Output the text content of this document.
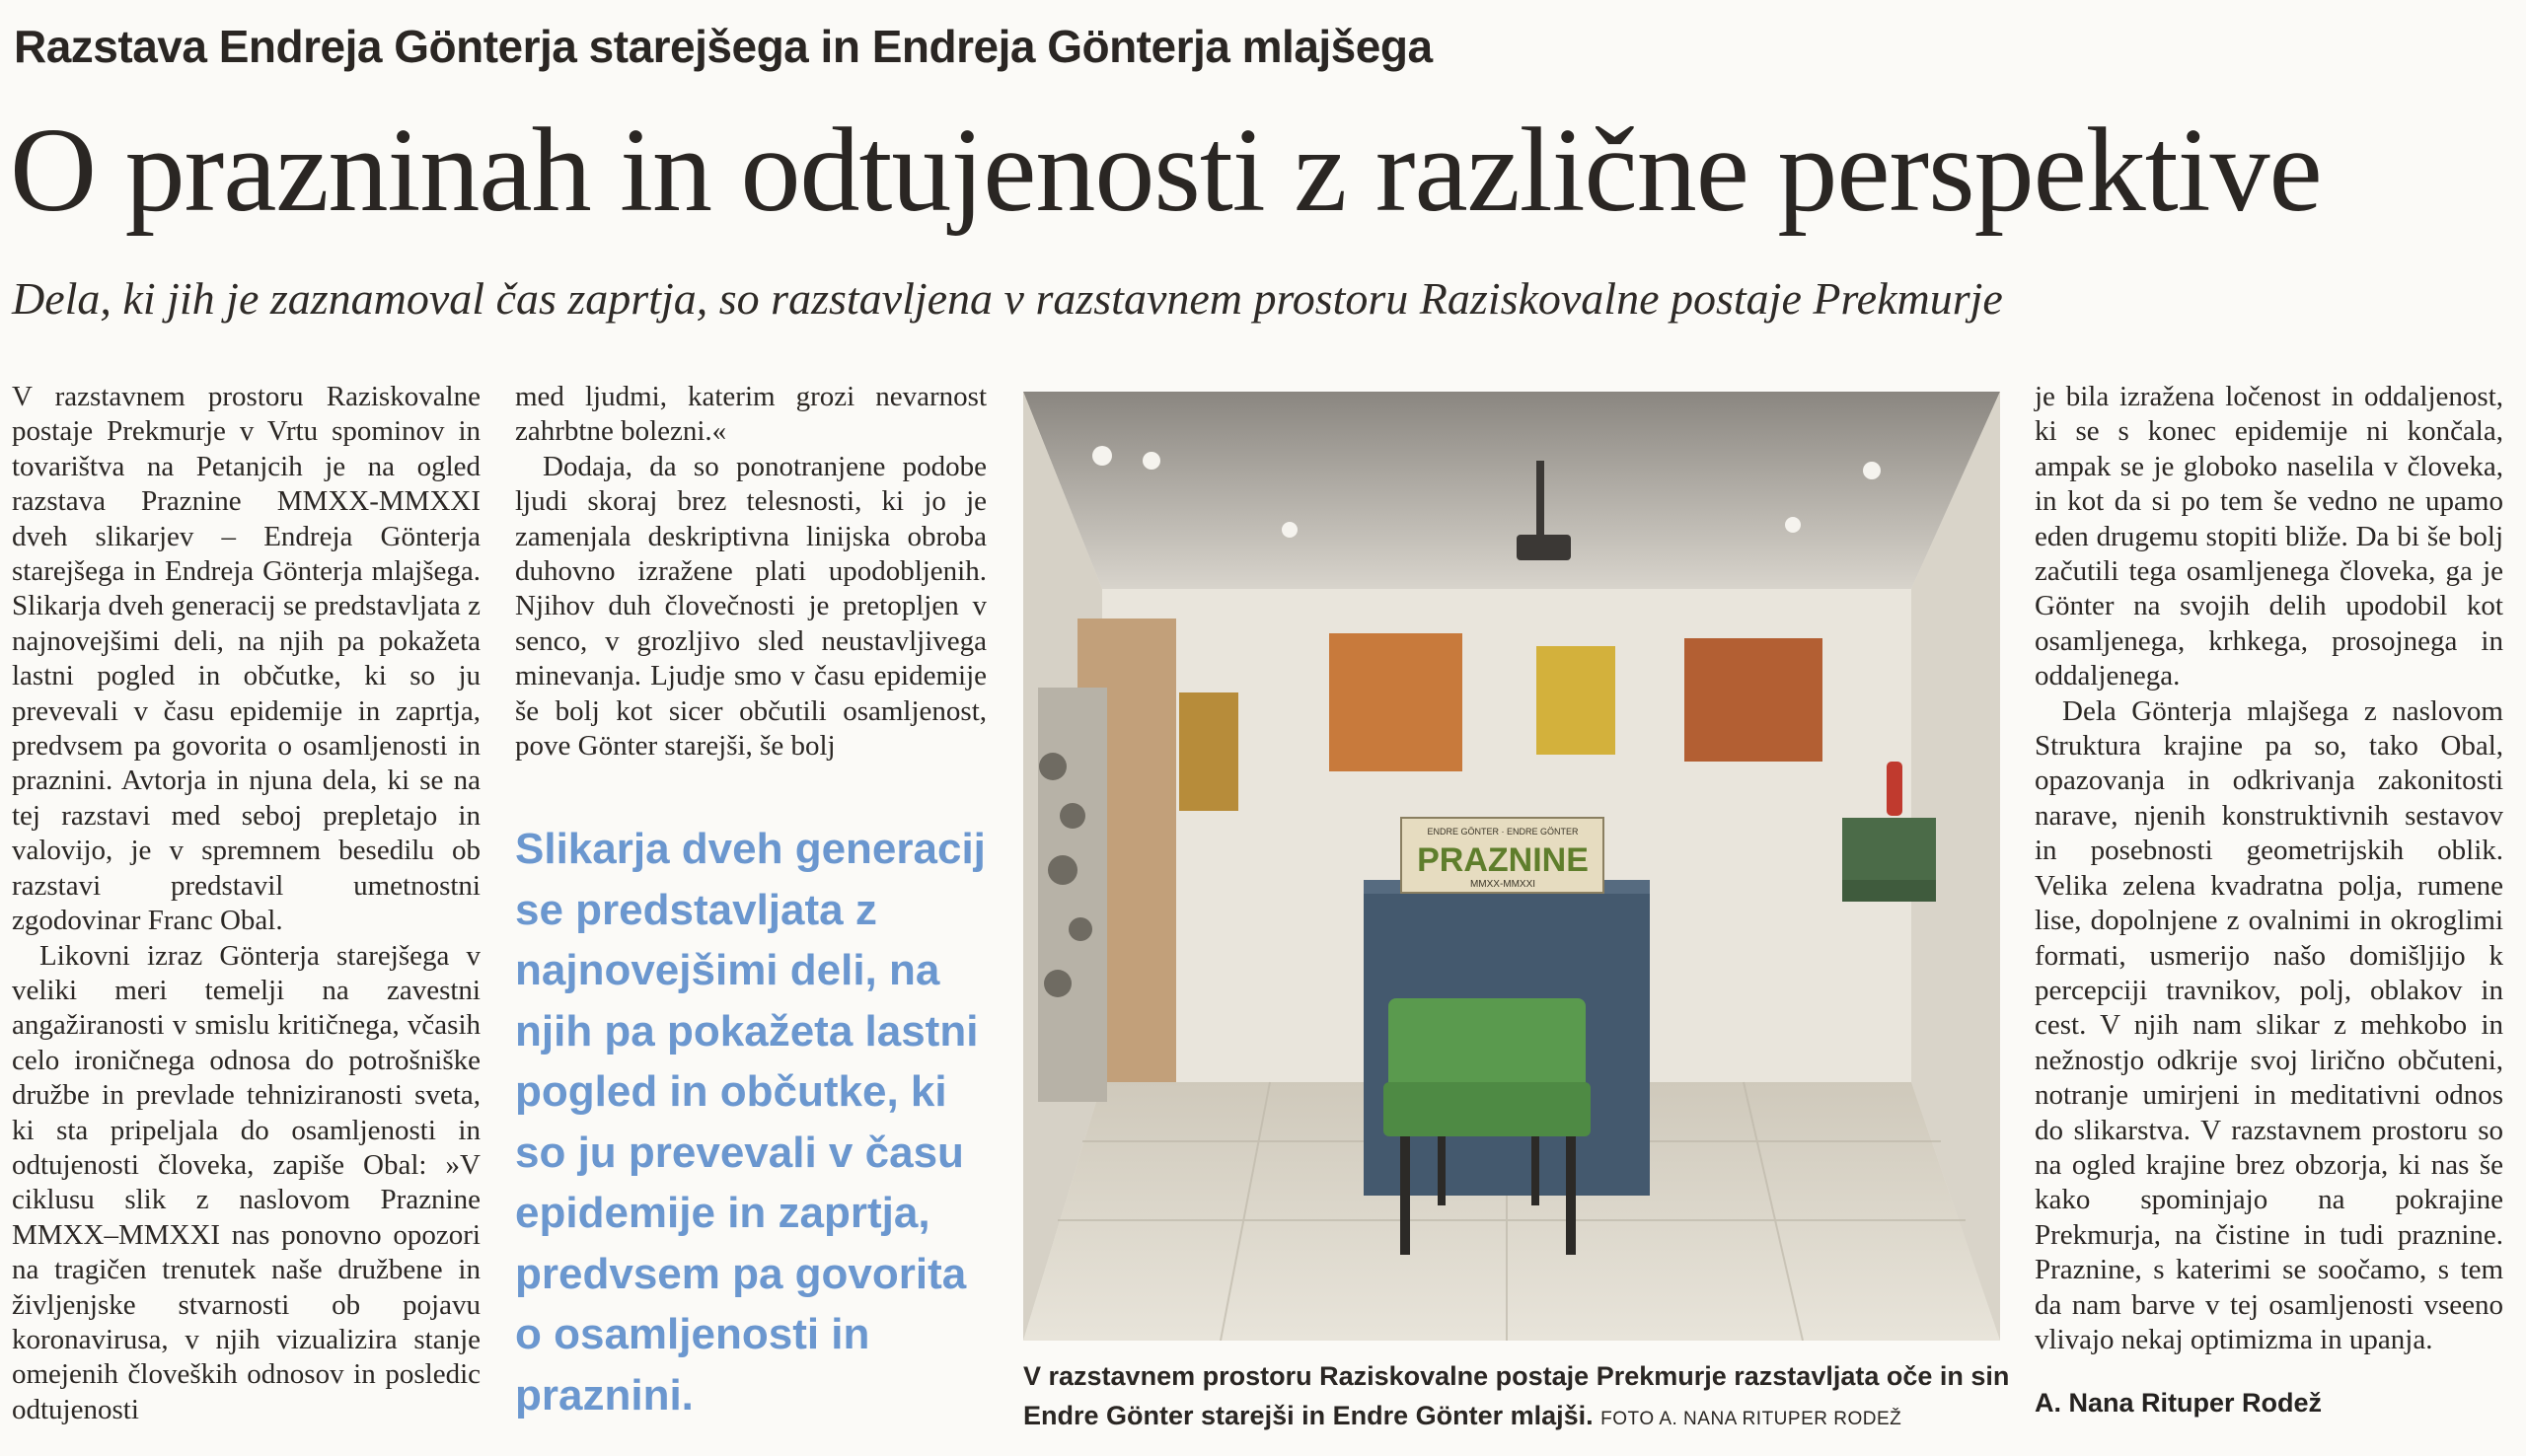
Razstava Endreja Gönterja starejšega in Endreja Gönterja mlajšega
O prazninah in odtujenosti z različne perspektive
Dela, ki jih je zaznamoval čas zaprtja, so razstavljena v razstavnem prostoru Raziskovalne postaje Prekmurje

V razstavnem prostoru Raziskovalne postaje Prekmurje v Vrtu spominov in tovarištva na Petanjcih je na ogled razstava Praznine MMXX-MMXXI dveh slikarjev – Endreja Gönterja starejšega in Endreja Gönterja mlajšega. Slikarja dveh generacij se predstavljata z najnovejšimi deli, na njih pa pokažeta lastni pogled in občutke, ki so ju prevevali v času epidemije in zaprtja, predvsem pa govorita o osamljenosti in praznini. Avtorja in njuna dela, ki se na tej razstavi med seboj prepletajo in valovijo, je v spremnem besedilu ob razstavi predstavil umetnostni zgodovinar Franc Obal.

Likovni izraz Gönterja starejšega v veliki meri temelji na zavestni angažiranosti v smislu kritičnega, včasih celo ironičnega odnosa do potrošniške družbe in prevlade tehniziranosti sveta, ki sta pripeljala do osamljenosti in odtujenosti človeka, zapiše Obal: »V ciklusu slik z naslovom Praznine MMXX–MMXXI nas ponovno opozori na tragičen trenutek naše družbene in življenjske stvarnosti ob pojavu koronavirusa, v njih vizualizira stanje omejenih človeških odnosov in posledic odtujenosti

med ljudmi, katerim grozi nevarnost zahrbtne bolezni.«

Dodaja, da so ponotranjene podobe ljudi skoraj brez telesnosti, ki jo je zamenjala deskriptivna linijska obroba duhovno izražene plati upodobljenih. Njihov duh človečnosti je pretopljen v senco, v grozljivo sled neustavljivega minevanja. Ljudje smo v času epidemije še bolj kot sicer občutili osamljenost, pove Gönter starejši, še bolj

Slikarja dveh generacij se predstavljata z najnovejšimi deli, na njih pa pokažeta lastni pogled in občutke, ki so ju prevevali v času epidemije in zaprtja, predvsem pa govorita o osamljenosti in praznini.
ENDRE GÖNTER · ENDRE GÖNTER
PRAZNINE
MMXX-MMXXI
V razstavnem prostoru Raziskovalne postaje Prekmurje razstavljata oče in sin Endre Gönter starejši in Endre Gönter mlajši. FOTO A. NANA RITUPER RODEŽ

je bila izražena ločenost in oddaljenost, ki se s konec epidemije ni končala, ampak se je globoko naselila v človeka, in kot da si po tem še vedno ne upamo eden drugemu stopiti bliže. Da bi še bolj začutili tega osamljenega človeka, ga je Gönter na svojih delih upodobil kot osamljenega, krhkega, prosojnega in oddaljenega.

Dela Gönterja mlajšega z naslovom Struktura krajine pa so, tako Obal, opazovanja in odkrivanja zakonitosti narave, njenih konstruktivnih sestavov in posebnosti geometrijskih oblik. Velika zelena kvadratna polja, rumene lise, dopolnjene z ovalnimi in okroglimi formati, usmerijo našo domišljijo k percepciji travnikov, polj, oblakov in cest. V njih nam slikar z mehkobo in nežnostjo odkrije svoj lirično občuteni, notranje umirjeni in meditativni odnos do slikarstva. V razstavnem prostoru so na ogled krajine brez obzorja, ki nas še kako spominjajo na pokrajine Prekmurja, na čistine in tudi praznine. Praznine, s katerimi se soočamo, s tem da nam barve v tej osamljenosti vseeno vlivajo nekaj optimizma in upanja.

A. Nana Rituper Rodež
